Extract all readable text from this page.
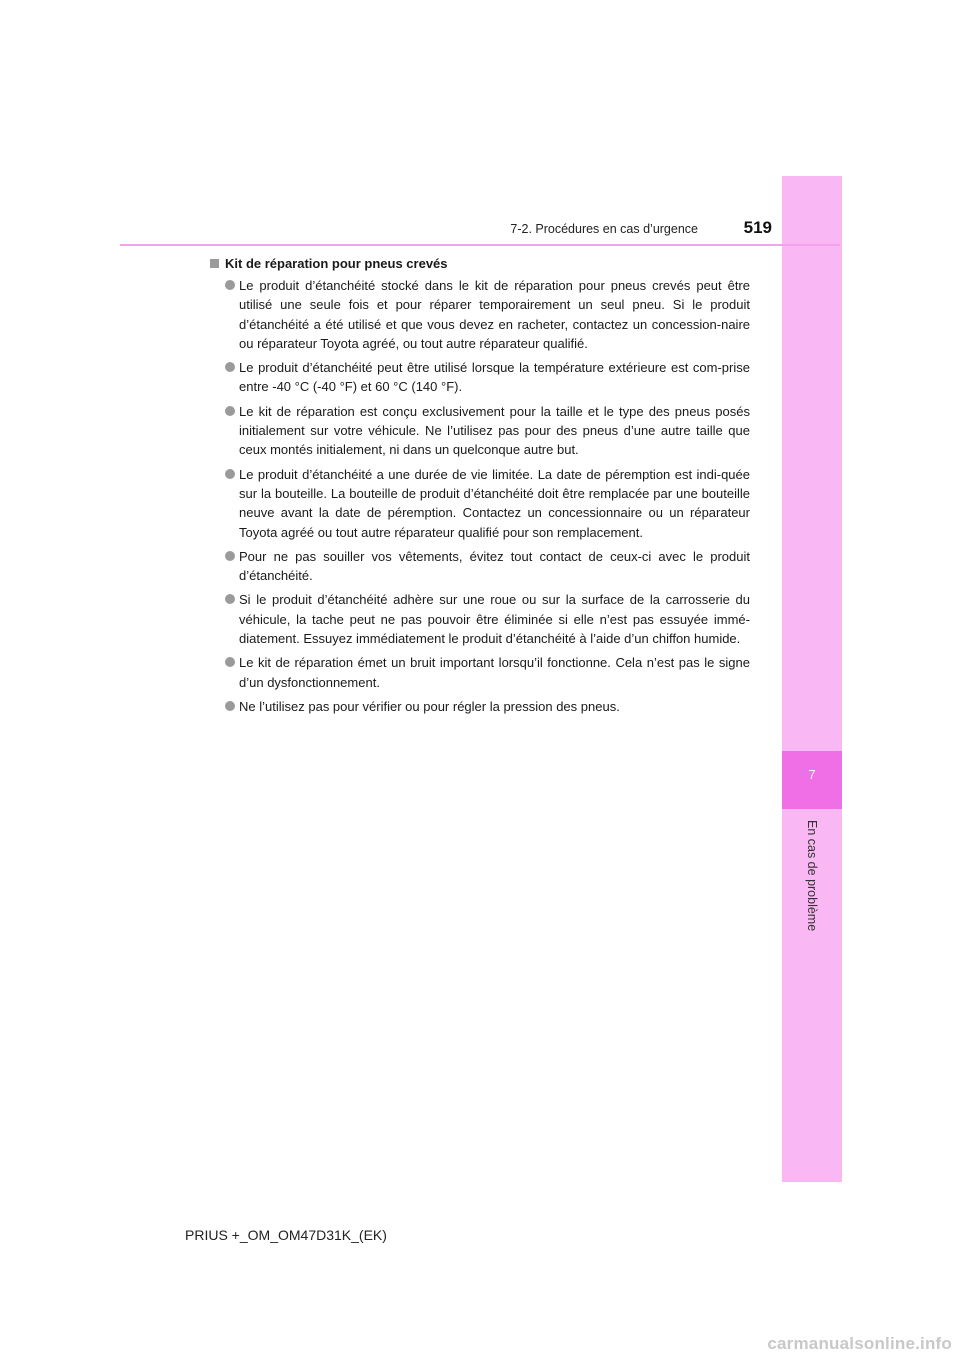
7
En cas de problème
7-2. Procédures en cas d’urgence	519
Kit de réparation pour pneus crevés
Le produit d’étanchéité stocké dans le kit de réparation pour pneus crevés peut être utilisé une seule fois et pour réparer temporairement un seul pneu. Si le produit d’étanchéité a été utilisé et que vous devez en racheter, contactez un concession-naire ou réparateur Toyota agréé, ou tout autre réparateur qualifié.
Le produit d’étanchéité peut être utilisé lorsque la température extérieure est com-prise entre -40 °C (-40 °F) et 60 °C (140 °F).
Le kit de réparation est conçu exclusivement pour la taille et le type des pneus posés initialement sur votre véhicule. Ne l’utilisez pas pour des pneus d’une autre taille que ceux montés initialement, ni dans un quelconque autre but.
Le produit d’étanchéité a une durée de vie limitée. La date de péremption est indi-quée sur la bouteille. La bouteille de produit d’étanchéité doit être remplacée par une bouteille neuve avant la date de péremption. Contactez un concessionnaire ou un réparateur Toyota agréé ou tout autre réparateur qualifié pour son remplacement.
Pour ne pas souiller vos vêtements, évitez tout contact de ceux-ci avec le produit d’étanchéité.
Si le produit d’étanchéité adhère sur une roue ou sur la surface de la carrosserie du véhicule, la tache peut ne pas pouvoir être éliminée si elle n’est pas essuyée immé-diatement. Essuyez immédiatement le produit d’étanchéité à l’aide d’un chiffon humide.
Le kit de réparation émet un bruit important lorsqu’il fonctionne. Cela n’est pas le signe d’un dysfonctionnement.
Ne l’utilisez pas pour vérifier ou pour régler la pression des pneus.
PRIUS +_OM_OM47D31K_(EK)
carmanualsonline.info
